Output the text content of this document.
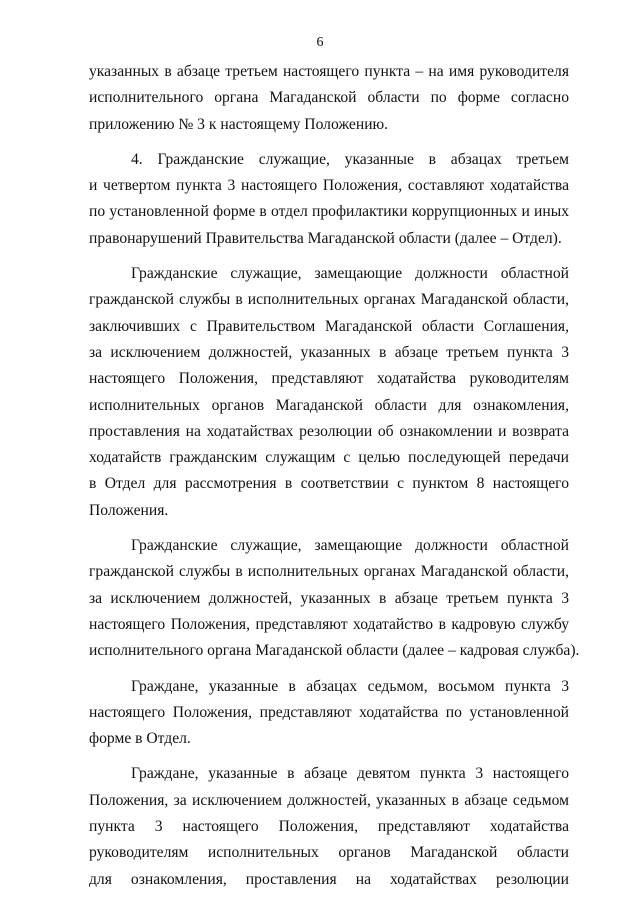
6
указанных в абзаце третьем настоящего пункта – на имя руководителя
исполнительного органа Магаданской области по форме согласно
приложению № 3 к настоящему Положению.
4. Гражданские служащие, указанные в абзацах третьем
и четвертом пункта 3 настоящего Положения, составляют ходатайства
по установленной форме в отдел профилактики коррупционных и иных
правонарушений Правительства Магаданской области (далее – Отдел).
Гражданские служащие, замещающие должности областной
гражданской службы в исполнительных органах Магаданской области,
заключивших с Правительством Магаданской области Соглашения,
за исключением должностей, указанных в абзаце третьем пункта 3
настоящего Положения, представляют ходатайства руководителям
исполнительных органов Магаданской области для ознакомления,
проставления на ходатайствах резолюции об ознакомлении и возврата
ходатайств гражданским служащим с целью последующей передачи
в Отдел для рассмотрения в соответствии с пунктом 8 настоящего
Положения.
Гражданские служащие, замещающие должности областной
гражданской службы в исполнительных органах Магаданской области,
за исключением должностей, указанных в абзаце третьем пункта 3
настоящего Положения, представляют ходатайство в кадровую службу
исполнительного органа Магаданской области (далее – кадровая служба).
Граждане, указанные в абзацах седьмом, восьмом пункта 3
настоящего Положения, представляют ходатайства по установленной
форме в Отдел.
Граждане, указанные в абзаце девятом пункта 3 настоящего
Положения, за исключением должностей, указанных в абзаце седьмом
пункта 3 настоящего Положения, представляют ходатайства
руководителям исполнительных органов Магаданской области
для ознакомления, проставления на ходатайствах резолюции
